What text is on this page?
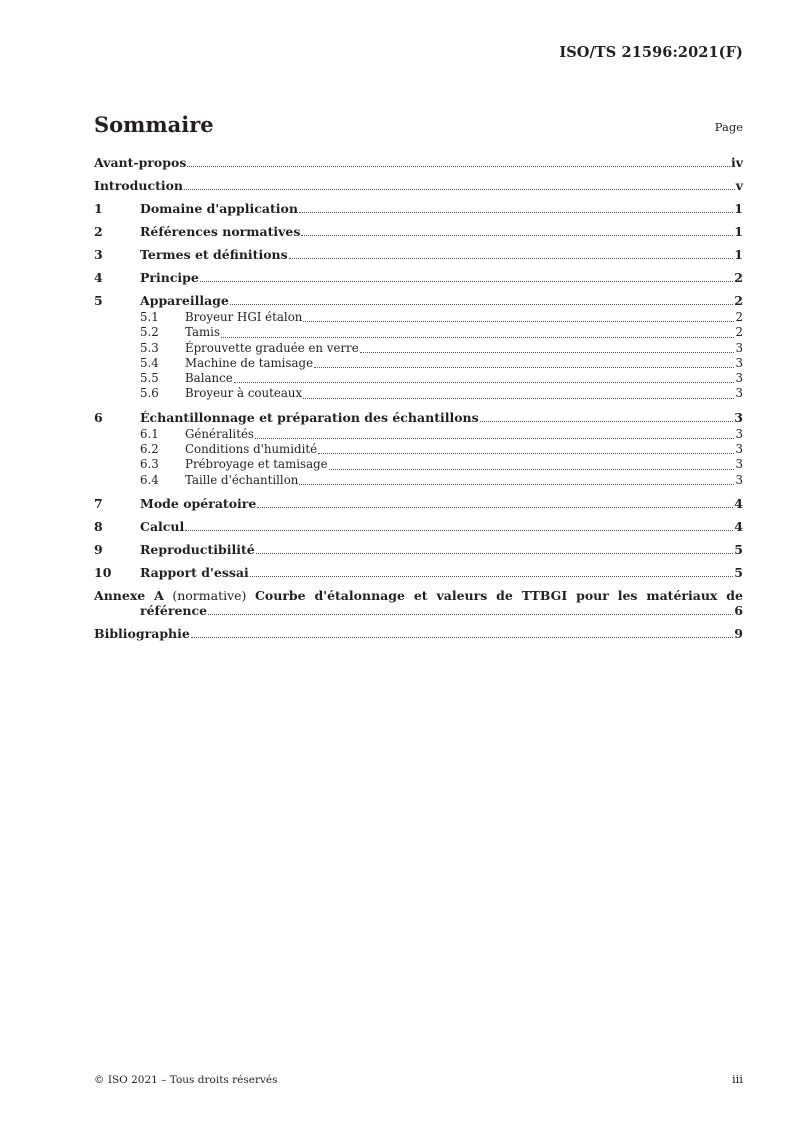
ISO/TS 21596:2021(F)
Sommaire	Page
Avant-propos	iv
Introduction	v
1	Domaine d'application	1
2	Références normatives	1
3	Termes et définitions	1
4	Principe	2
5	Appareillage	2
5.1	Broyeur HGI étalon	2
5.2	Tamis	2
5.3	Éprouvette graduée en verre	3
5.4	Machine de tamisage	3
5.5	Balance	3
5.6	Broyeur à couteaux	3
6	Échantillonnage et préparation des échantillons	3
6.1	Généralités	3
6.2	Conditions d'humidité	3
6.3	Prébroyage et tamisage	3
6.4	Taille d'échantillon	3
7	Mode opératoire	4
8	Calcul	4
9	Reproductibilité	5
10	Rapport d'essai	5
Annexe A (normative) Courbe d'étalonnage et valeurs de TTBGI pour les matériaux de
référence	6
Bibliographie	9
© ISO 2021 – Tous droits réservés	iii
